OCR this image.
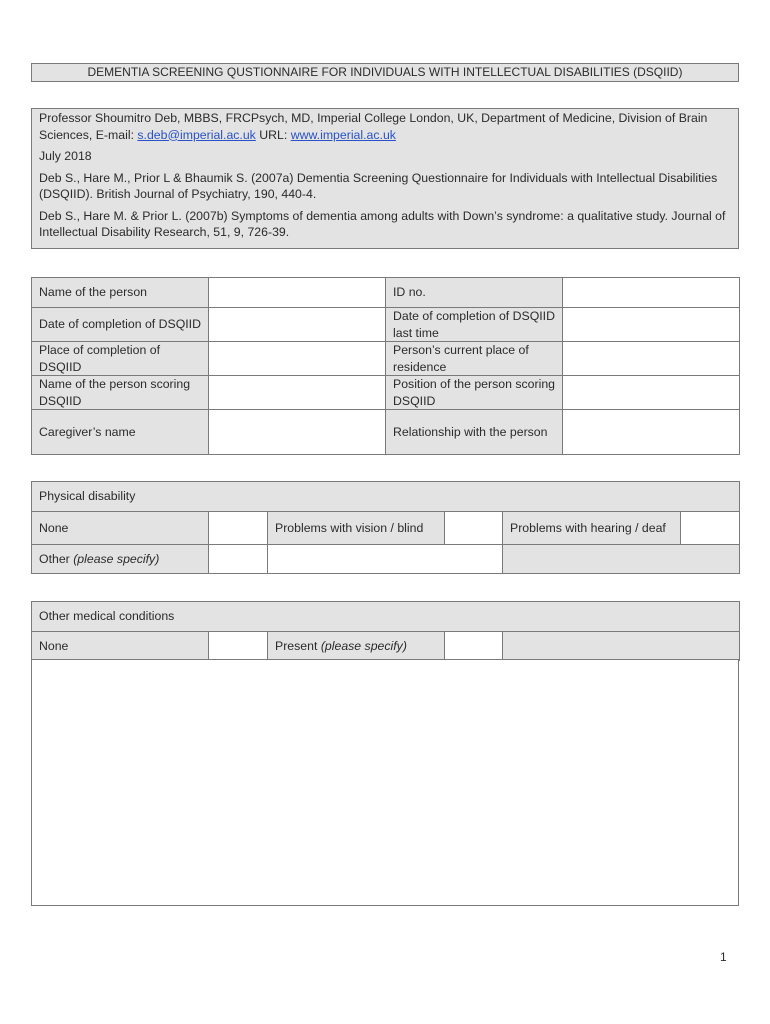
DEMENTIA SCREENING QUSTIONNAIRE FOR INDIVIDUALS WITH INTELLECTUAL DISABILITIES (DSQIID)

Professor Shoumitro Deb, MBBS, FRCPsych, MD, Imperial College London, UK, Department of Medicine, Division of Brain Sciences, E-mail: s.deb@imperial.ac.uk URL: www.imperial.ac.uk

July 2018

Deb S., Hare M., Prior L & Bhaumik S. (2007a) Dementia Screening Questionnaire for Individuals with Intellectual Disabilities (DSQIID). British Journal of Psychiatry, 190, 440-4.

Deb S., Hare M. & Prior L. (2007b) Symptoms of dementia among adults with Down’s syndrome: a qualitative study. Journal of Intellectual Disability Research, 51, 9, 726-39.

Name of the person		ID no.	
Date of completion of DSQIID		Date of completion of DSQIID last time	
Place of completion of DSQIID		Person’s current place of residence	
Name of the person scoring DSQIID		Position of the person scoring DSQIID	
Caregiver’s name		Relationship with the person	
Physical disability					
None		Problems with vision / blind		Problems with hearing / deaf	
Other (please specify)					
Other medical conditions
None		Present (please specify)		
1
